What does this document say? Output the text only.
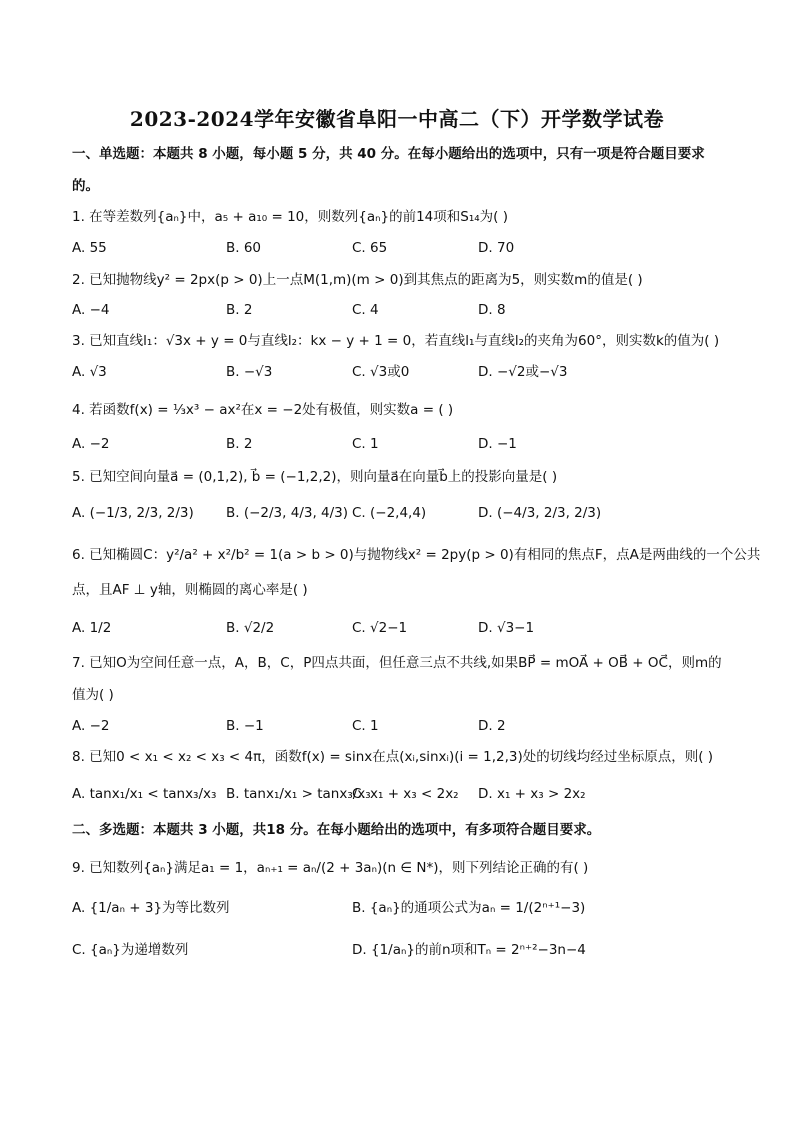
2023-2024学年安徽省阜阳一中高二（下）开学数学试卷
一、单选题：本题共 8 小题，每小题 5 分，共 40 分。在每小题给出的选项中，只有一项是符合题目要求
的。
1. 在等差数列{aₙ}中，a₅ + a₁₀ = 10，则数列{aₙ}的前14项和S₁₄为( )
A. 55	B. 60	C. 65	D. 70
2. 已知抛物线y² = 2px(p > 0)上一点M(1,m)(m > 0)到其焦点的距离为5，则实数m的值是( )
A. −4	B. 2	C. 4	D. 8
3. 已知直线l₁：√3x + y = 0与直线l₂：kx − y + 1 = 0，若直线l₁与直线l₂的夹角为60°，则实数k的值为( )
A. √3	B. −√3	C. √3或0	D. −√2或−√3
4. 若函数f(x) = ⅓x³ − ax²在x = −2处有极值，则实数a = ( )
A. −2	B. 2	C. 1	D. −1
5. 已知空间向量a⃗ = (0,1,2), b⃗ = (−1,2,2)，则向量a⃗在向量b⃗上的投影向量是( )
A. (−1/3, 2/3, 2/3) B. (−2/3, 4/3, 4/3) C. (−2,4,4)	D. (−4/3, 2/3, 2/3)
6. 已知椭圆C：y²/a² + x²/b² = 1(a > b > 0)与抛物线x² = 2py(p > 0)有相同的焦点F，点A是两曲线的一个公共
点，且AF ⊥ y轴，则椭圆的离心率是( )
A. 1/2	B. √2/2	C. √2−1	D. √3−1
7. 已知O为空间任意一点，A，B，C，P四点共面，但任意三点不共线,如果BP⃗ = mOA⃗ + OB⃗ + OC⃗，则m的
值为( )
A. −2	B. −1	C. 1	D. 2
8. 已知0 < x₁ < x₂ < x₃ < 4π，函数f(x) = sinx在点(xᵢ,sinxᵢ)(i = 1,2,3)处的切线均经过坐标原点，则( )
A. tanx₁/x₁ < tanx₃/x₃ B. tanx₁/x₁ > tanx₃/x₃
C. x₁ + x₃ < 2x₂ D. x₁ + x₃ > 2x₂
二、多选题：本题共 3 小题，共18 分。在每小题给出的选项中，有多项符合题目要求。
9. 已知数列{aₙ}满足a₁ = 1，aₙ₊₁ = aₙ/(2 + 3aₙ)(n ∈ N*)，则下列结论正确的有( )
A. {1/aₙ + 3}为等比数列	B. {aₙ}的通项公式为aₙ = 1/(2ⁿ⁺¹−3)
C. {aₙ}为递增数列	D. {1/aₙ}的前n项和Tₙ = 2ⁿ⁺²−3n−4
